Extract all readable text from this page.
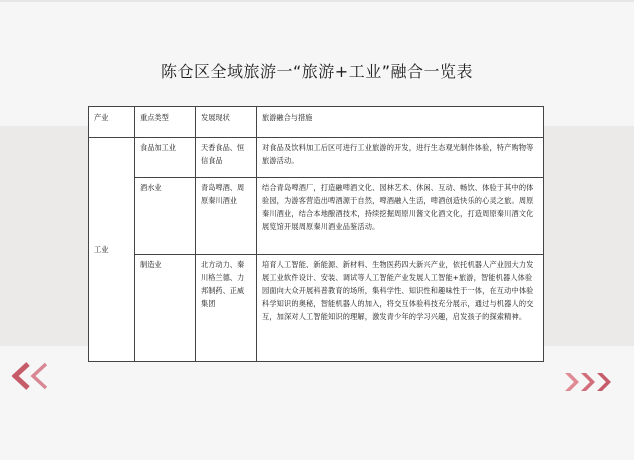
陈仓区全域旅游一“旅游+工业”融合一览表
产业	重点类型	发展现状	旅游融合与措施
工业	食品加工业	天香食品、恒信食品	对食品及饮料加工后区可进行工业旅游的开发，进行生态观光制作体验，特产购物等旅游活动。
	酒水业	青岛啤酒、周原秦川酒业	结合青岛啤酒厂，打造融啤酒文化、园林艺术、休闲、互动、畅饮、体验于其中的体验园，为游客营造出啤酒源于自然，啤酒融入生活，啤酒创造快乐的心灵之旅。周原秦川酒业，结合本地酿酒技术，持续挖掘周原川酱文化酒文化，打造周原秦川酒文化展览馆开展周原秦川酒业品鉴活动。
	制造业	北方动力、秦川格兰德、力邦制药、正威集团	培育人工智能、新能源、新材料、生物医药四大新兴产业，依托机器人产业园大力发展工业软件设计、安装、调试等人工智能产业发展人工智能+旅游，智能机器人体验园面向大众开展科普教育的场所，集科学性、知识性和趣味性于一体，在互动中体验科学知识的奥秘，智能机器人的加入，将交互体验科技充分展示，通过与机器人的交互，加深对人工智能知识的理解，激发青少年的学习兴趣，启发孩子的探索精神。
